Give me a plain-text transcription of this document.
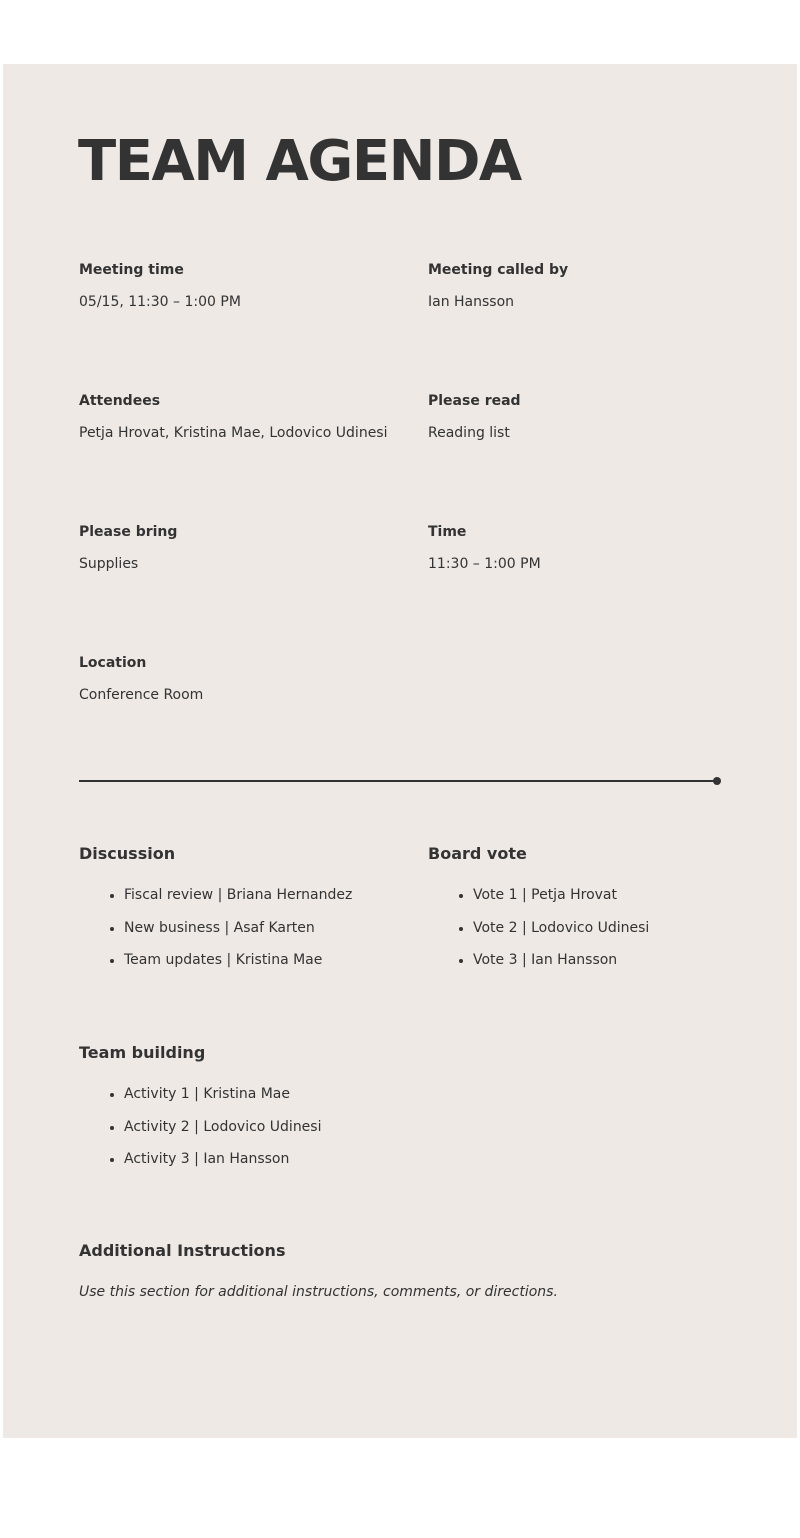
TEAM AGENDA

Meeting time

05/15, 11:30 – 1:00 PM

Meeting called by

Ian Hansson

Attendees

Petja Hrovat, Kristina Mae, Lodovico Udinesi

Please read

Reading list

Please bring

Supplies

Time

11:30 – 1:00 PM

Location

Conference Room

Discussion
• Fiscal review | Briana Hernandez
• New business | Asaf Karten
• Team updates | Kristina Mae
Board vote
• Vote 1 | Petja Hrovat
• Vote 2 | Lodovico Udinesi
• Vote 3 | Ian Hansson
Team building
• Activity 1 | Kristina Mae
• Activity 2 | Lodovico Udinesi
• Activity 3 | Ian Hansson
Additional Instructions

Use this section for additional instructions, comments, or directions.
